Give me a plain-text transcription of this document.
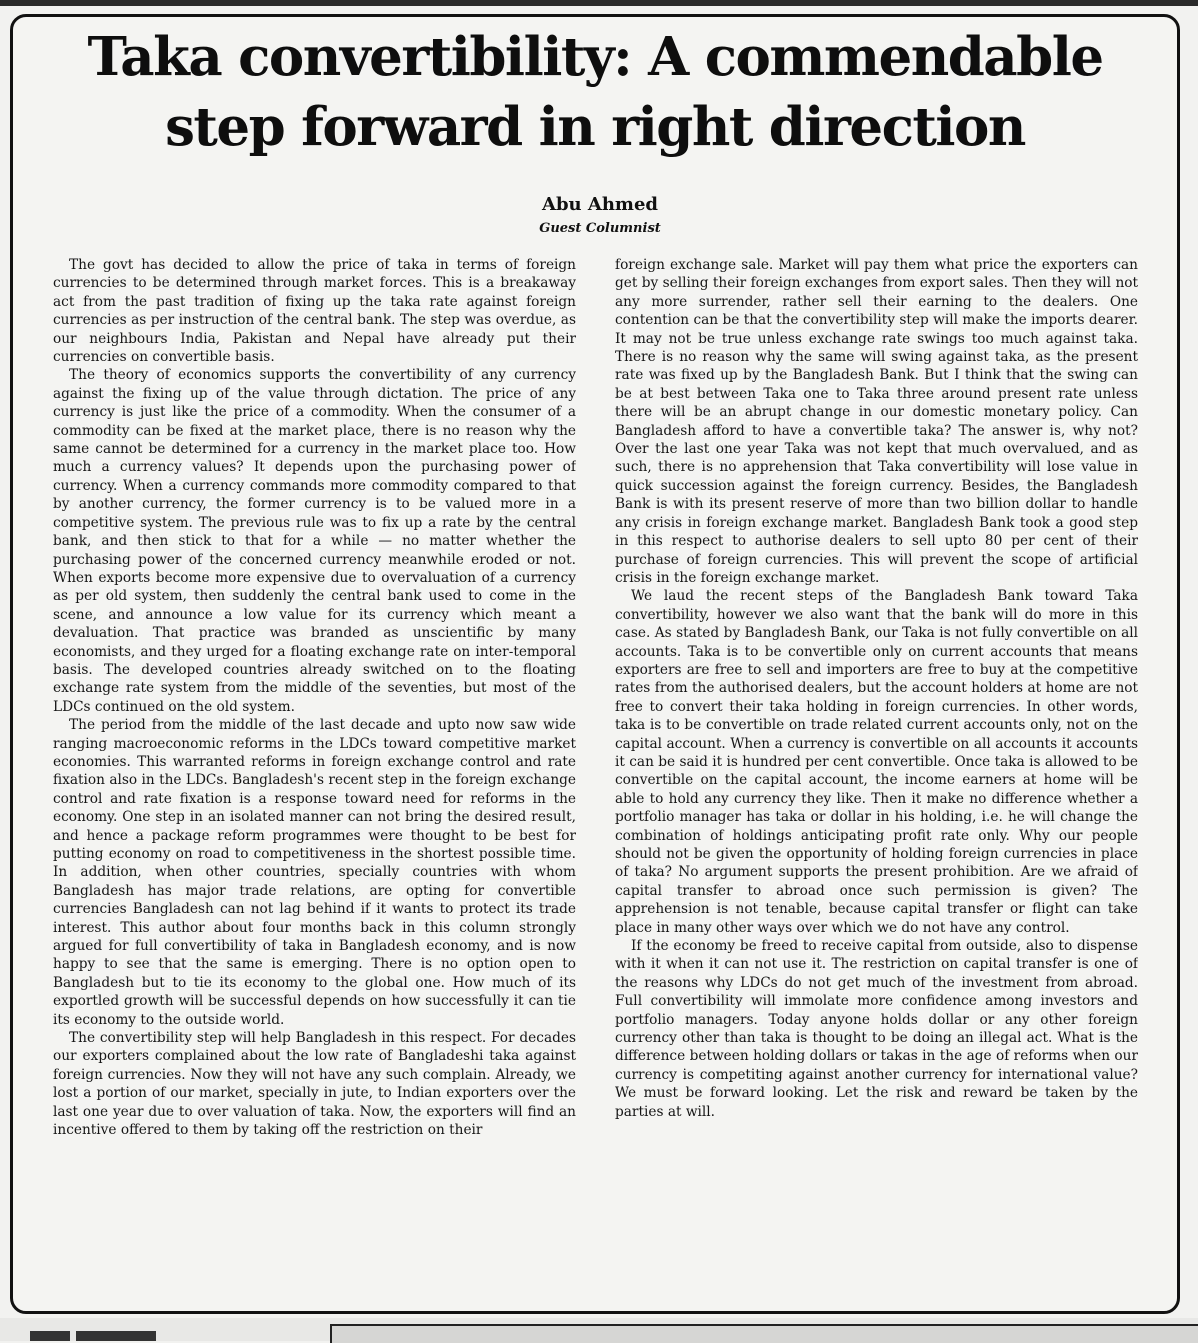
Taka convertibility: A commendable step forward in right direction
Abu Ahmed
Guest Columnist

The govt has decided to allow the price of taka in terms of foreign currencies to be determined through market forces. This is a breakaway act from the past tradition of fixing up the taka rate against foreign currencies as per instruction of the central bank. The step was overdue, as our neighbours India, Pakistan and Nepal have already put their currencies on convertible basis.

The theory of economics supports the convertibility of any currency against the fixing up of the value through dictation. The price of any currency is just like the price of a commodity. When the consumer of a commodity can be fixed at the market place, there is no reason why the same cannot be determined for a currency in the market place too. How much a currency values? It depends upon the purchasing power of currency. When a currency commands more commodity compared to that by another currency, the former currency is to be valued more in a competitive system. The previous rule was to fix up a rate by the central bank, and then stick to that for a while — no matter whether the purchasing power of the concerned currency meanwhile eroded or not. When exports become more expensive due to overvaluation of a currency as per old system, then suddenly the central bank used to come in the scene, and announce a low value for its currency which meant a devaluation. That practice was branded as unscientific by many economists, and they urged for a floating exchange rate on inter-temporal basis. The developed countries already switched on to the floating exchange rate system from the middle of the seventies, but most of the LDCs continued on the old system.

The period from the middle of the last decade and upto now saw wide ranging macroeconomic reforms in the LDCs toward competitive market economies. This warranted reforms in foreign exchange control and rate fixation also in the LDCs. Bangladesh's recent step in the foreign exchange control and rate fixation is a response toward need for reforms in the economy. One step in an isolated manner can not bring the desired result, and hence a package reform programmes were thought to be best for putting economy on road to competitiveness in the shortest possible time. In addition, when other countries, specially countries with whom Bangladesh has major trade relations, are opting for convertible currencies Bangladesh can not lag behind if it wants to protect its trade interest. This author about four months back in this column strongly argued for full convertibility of taka in Bangladesh economy, and is now happy to see that the same is emerging. There is no option open to Bangladesh but to tie its economy to the global one. How much of its exportled growth will be successful depends on how successfully it can tie its economy to the outside world.

The convertibility step will help Bangladesh in this respect. For decades our exporters complained about the low rate of Bangladeshi taka against foreign currencies. Now they will not have any such complain. Already, we lost a portion of our market, specially in jute, to Indian exporters over the last one year due to over valuation of taka. Now, the exporters will find an incentive offered to them by taking off the restriction on their

foreign exchange sale. Market will pay them what price the exporters can get by selling their foreign exchanges from export sales. Then they will not any more surrender, rather sell their earning to the dealers. One contention can be that the convertibility step will make the imports dearer. It may not be true unless exchange rate swings too much against taka. There is no reason why the same will swing against taka, as the present rate was fixed up by the Bangladesh Bank. But I think that the swing can be at best between Taka one to Taka three around present rate unless there will be an abrupt change in our domestic monetary policy. Can Bangladesh afford to have a convertible taka? The answer is, why not? Over the last one year Taka was not kept that much overvalued, and as such, there is no apprehension that Taka convertibility will lose value in quick succession against the foreign currency. Besides, the Bangladesh Bank is with its present reserve of more than two billion dollar to handle any crisis in foreign exchange market. Bangladesh Bank took a good step in this respect to authorise dealers to sell upto 80 per cent of their purchase of foreign currencies. This will prevent the scope of artificial crisis in the foreign exchange market.

We laud the recent steps of the Bangladesh Bank toward Taka convertibility, however we also want that the bank will do more in this case. As stated by Bangladesh Bank, our Taka is not fully convertible on all accounts. Taka is to be convertible only on current accounts that means exporters are free to sell and importers are free to buy at the competitive rates from the authorised dealers, but the account holders at home are not free to convert their taka holding in foreign currencies. In other words, taka is to be convertible on trade related current accounts only, not on the capital account. When a currency is convertible on all accounts it accounts it can be said it is hundred per cent convertible. Once taka is allowed to be convertible on the capital account, the income earners at home will be able to hold any currency they like. Then it make no difference whether a portfolio manager has taka or dollar in his holding, i.e. he will change the combination of holdings anticipating profit rate only. Why our people should not be given the opportunity of holding foreign currencies in place of taka? No argument supports the present prohibition. Are we afraid of capital transfer to abroad once such permission is given? The apprehension is not tenable, because capital transfer or flight can take place in many other ways over which we do not have any control.

If the economy be freed to receive capital from outside, also to dispense with it when it can not use it. The restriction on capital transfer is one of the reasons why LDCs do not get much of the investment from abroad. Full convertibility will immolate more confidence among investors and portfolio managers. Today anyone holds dollar or any other foreign currency other than taka is thought to be doing an illegal act. What is the difference between holding dollars or takas in the age of reforms when our currency is competiting against another currency for international value? We must be forward looking. Let the risk and reward be taken by the parties at will.
